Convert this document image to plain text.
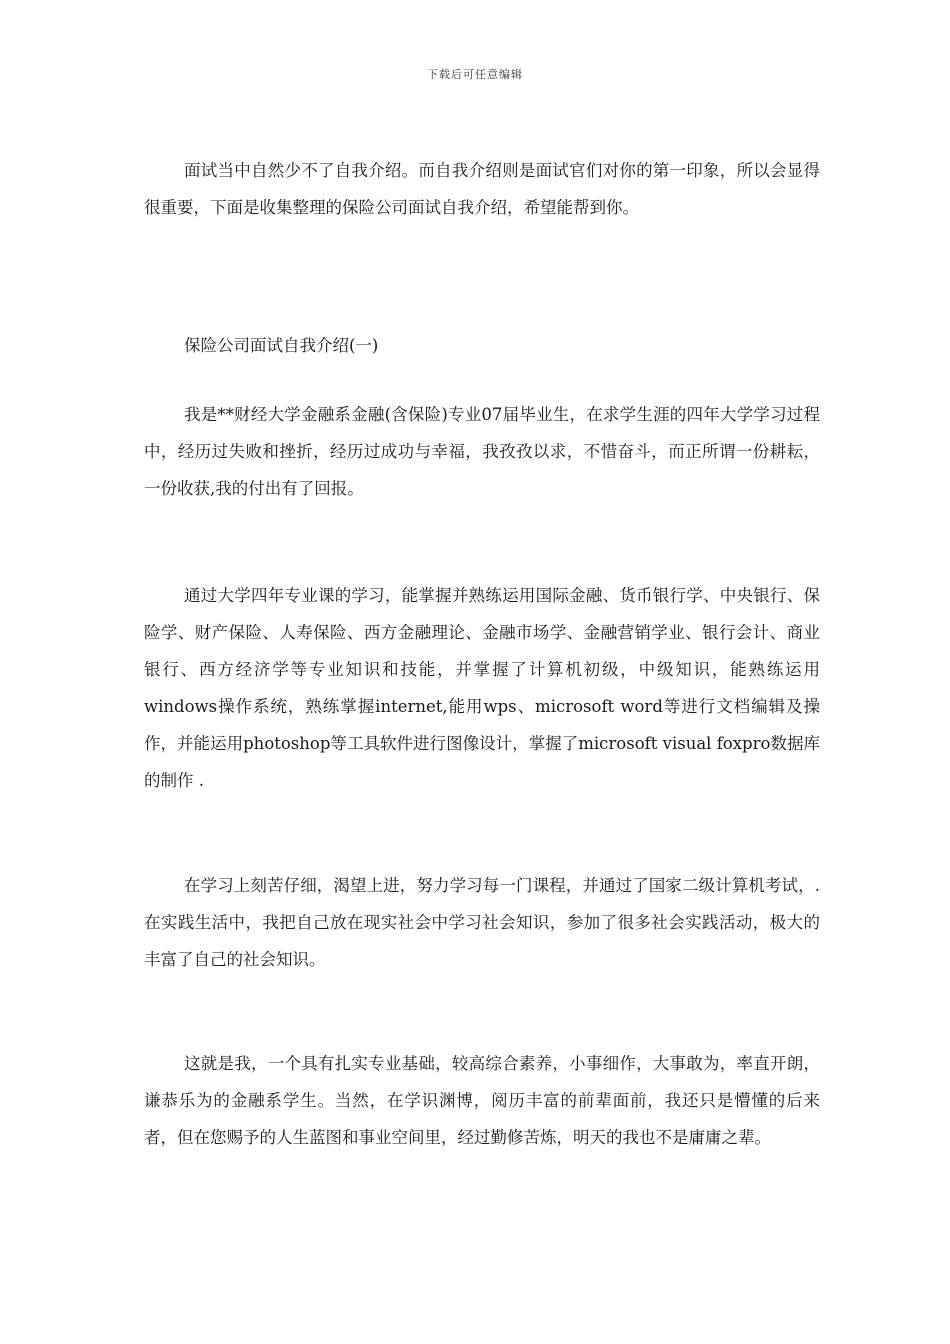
下载后可任意编辑

面试当中自然少不了自我介绍。而自我介绍则是面试官们对你的第一印象，所以会显得很重要，下面是收集整理的保险公司面试自我介绍，希望能帮到你。

保险公司面试自我介绍(一)

我是**财经大学金融系金融(含保险)专业07届毕业生，在求学生涯的四年大学学习过程中，经历过失败和挫折，经历过成功与幸福，我孜孜以求，不惜奋斗，而正所谓一份耕耘，一份收获,我的付出有了回报。

通过大学四年专业课的学习，能掌握并熟练运用国际金融、货币银行学、中央银行、保险学、财产保险、人寿保险、西方金融理论、金融市场学、金融营销学业、银行会计、商业银行、西方经济学等专业知识和技能，并掌握了计算机初级，中级知识，能熟练运用windows操作系统，熟练掌握internet,能用wps、microsoft word等进行文档编辑及操作，并能运用photoshop等工具软件进行图像设计，掌握了microsoft visual foxpro数据库的制作 .

在学习上刻苦仔细，渴望上进，努力学习每一门课程，并通过了国家二级计算机考试，.在实践生活中，我把自己放在现实社会中学习社会知识，参加了很多社会实践活动，极大的丰富了自己的社会知识。

这就是我，一个具有扎实专业基础，较高综合素养，小事细作，大事敢为，率直开朗，谦恭乐为的金融系学生。当然，在学识渊博，阅历丰富的前辈面前，我还只是懵懂的后来者，但在您赐予的人生蓝图和事业空间里，经过勤修苦炼，明天的我也不是庸庸之辈。
